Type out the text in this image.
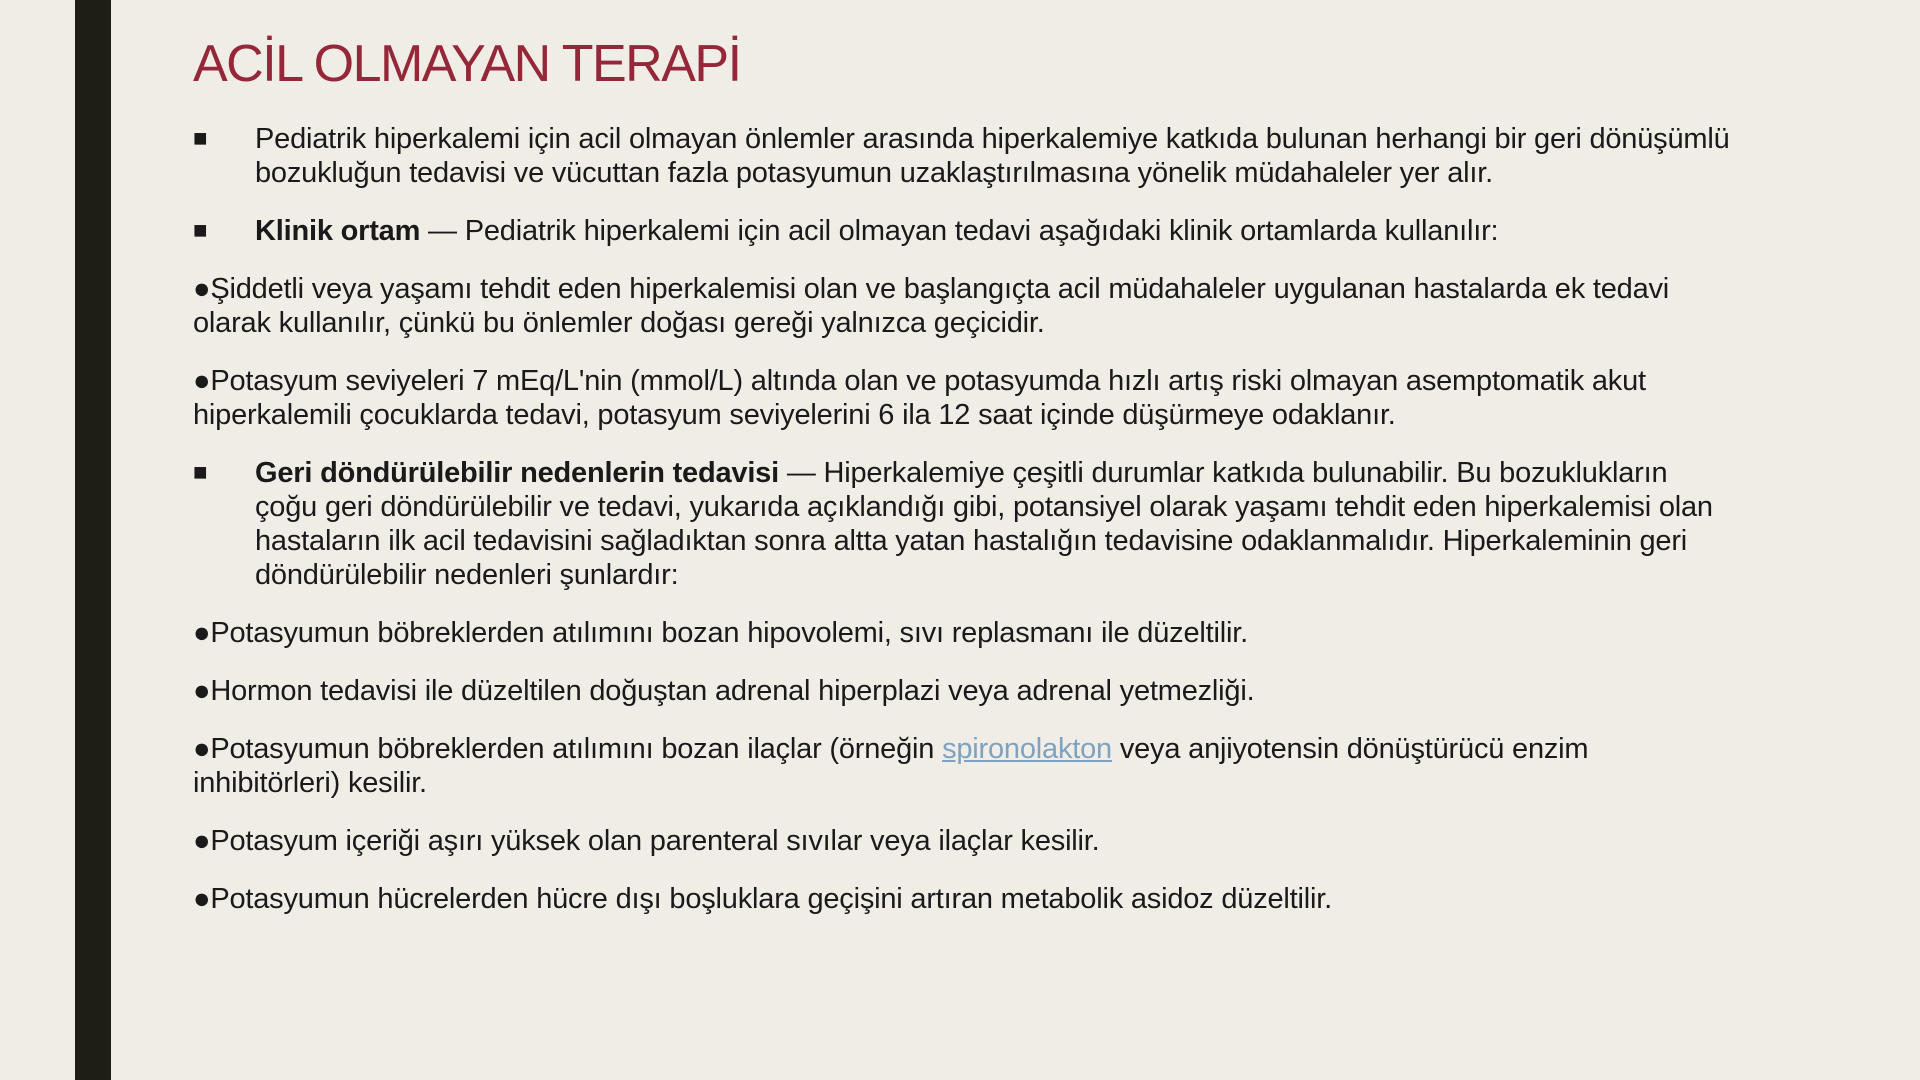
ACİL OLMAYAN TERAPİ
■ Pediatrik hiperkalemi için acil olmayan önlemler arasında hiperkalemiye katkıda bulunan herhangi bir geri dönüşümlü bozukluğun tedavisi ve vücuttan fazla potasyumun uzaklaştırılmasına yönelik müdahaleler yer alır.
■ Klinik ortam — Pediatrik hiperkalemi için acil olmayan tedavi aşağıdaki klinik ortamlarda kullanılır:
●Şiddetli veya yaşamı tehdit eden hiperkalemisi olan ve başlangıçta acil müdahaleler uygulanan hastalarda ek tedavi olarak kullanılır, çünkü bu önlemler doğası gereği yalnızca geçicidir.
●Potasyum seviyeleri 7 mEq/L'nin (mmol/L) altında olan ve potasyumda hızlı artış riski olmayan asemptomatik akut hiperkalemili çocuklarda tedavi, potasyum seviyelerini 6 ila 12 saat içinde düşürmeye odaklanır.
■ Geri döndürülebilir nedenlerin tedavisi — Hiperkalemiye çeşitli durumlar katkıda bulunabilir. Bu bozuklukların çoğu geri döndürülebilir ve tedavi, yukarıda açıklandığı gibi, potansiyel olarak yaşamı tehdit eden hiperkalemisi olan hastaların ilk acil tedavisini sağladıktan sonra altta yatan hastalığın tedavisine odaklanmalıdır. Hiperkaleminin geri döndürülebilir nedenleri şunlardır:
●Potasyumun böbreklerden atılımını bozan hipovolemi, sıvı replasmanı ile düzeltilir.
●Hormon tedavisi ile düzeltilen doğuştan adrenal hiperplazi veya adrenal yetmezliği.
●Potasyumun böbreklerden atılımını bozan ilaçlar (örneğin spironolakton veya anjiyotensin dönüştürücü enzim inhibitörleri) kesilir.
●Potasyum içeriği aşırı yüksek olan parenteral sıvılar veya ilaçlar kesilir.
●Potasyumun hücrelerden hücre dışı boşluklara geçişini artıran metabolik asidoz düzeltilir.
